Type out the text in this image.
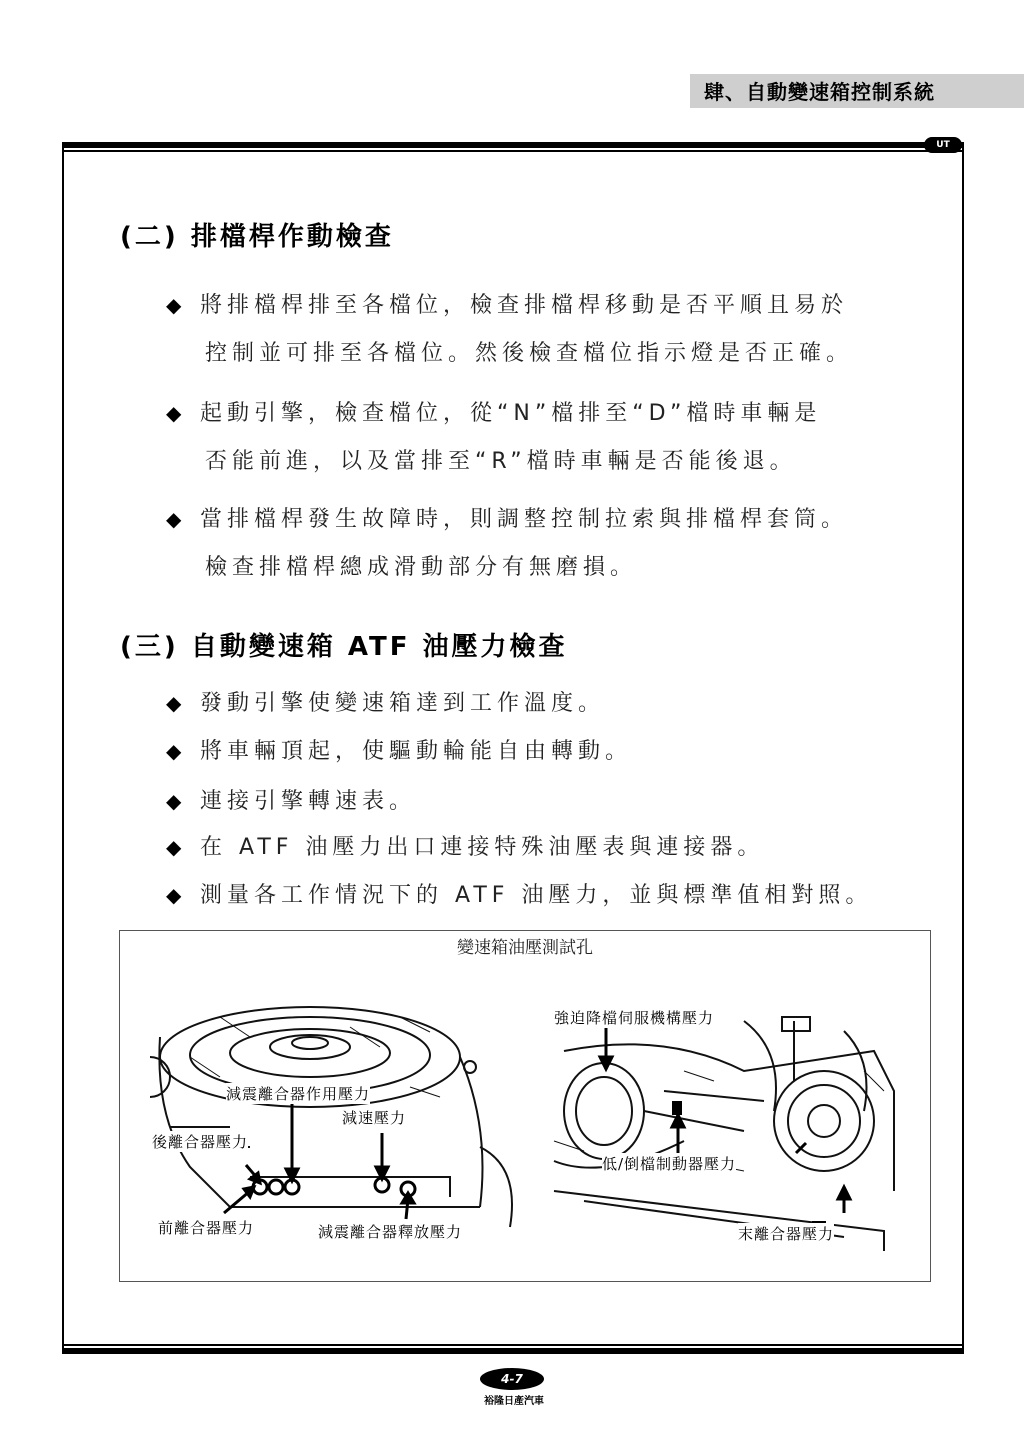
肆、自動變速箱控制系統
UT
(二) 排檔桿作動檢查
◆ 將排檔桿排至各檔位，檢查排檔桿移動是否平順且易於
控制並可排至各檔位。然後檢查檔位指示燈是否正確。
◆ 起動引擎，檢查檔位，從“N”檔排至“D”檔時車輛是
否能前進，以及當排至“R”檔時車輛是否能後退。
◆ 當排檔桿發生故障時，則調整控制拉索與排檔桿套筒。
檢查排檔桿總成滑動部分有無磨損。
(三) 自動變速箱 ATF 油壓力檢查
◆ 發動引擎使變速箱達到工作溫度。
◆ 將車輛頂起，使驅動輪能自由轉動。
◆ 連接引擎轉速表。
◆ 在 ATF 油壓力出口連接特殊油壓表與連接器。
◆ 測量各工作情況下的 ATF 油壓力，並與標準值相對照。
變速箱油壓測試孔
減震離合器作用壓力
減速壓力
後離合器壓力
前離合器壓力	減震離合器釋放壓力
強迫降檔伺服機構壓力
低/倒檔制動器壓力
末離合器壓力
4-7
裕隆日產汽車
